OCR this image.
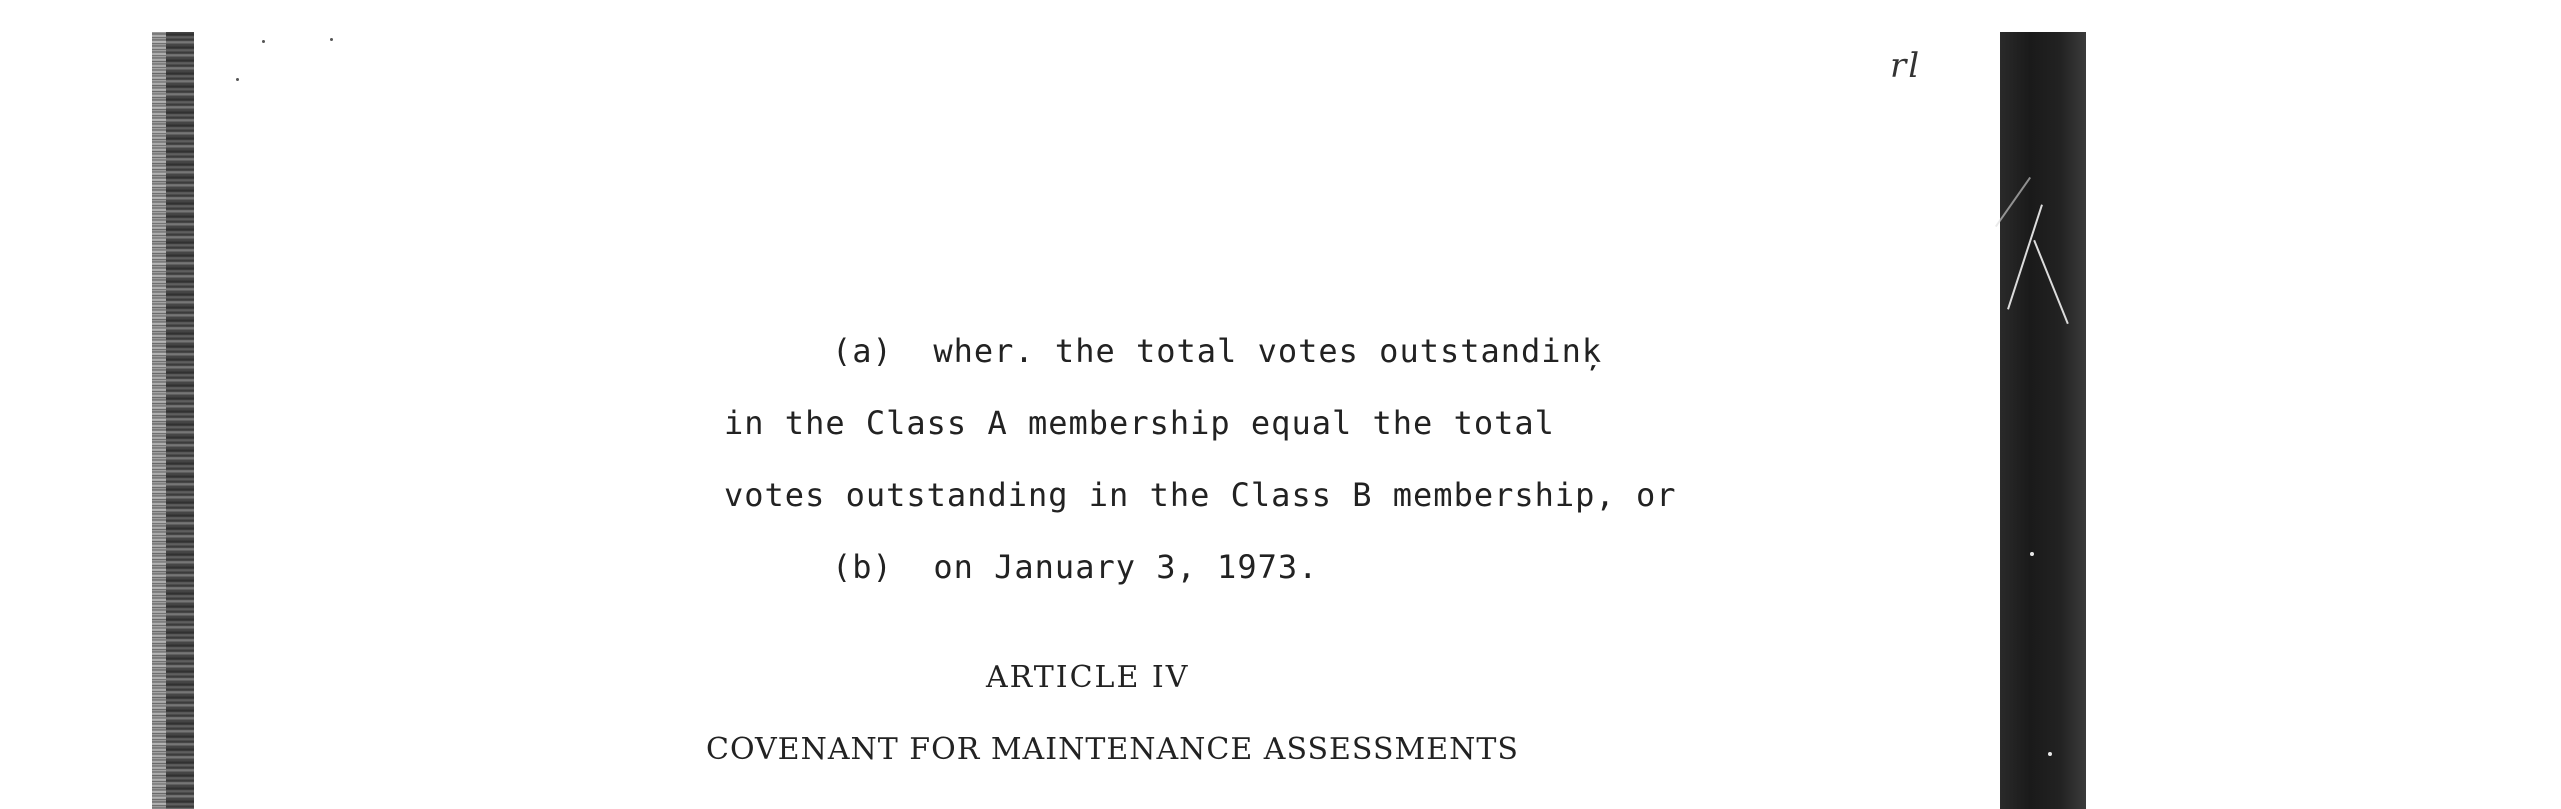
rl
(a)  wher. the total votes outstandinķ
in the Class A membership equal the total
votes outstanding in the Class B membership, or
(b)  on January 3, 1973.
ARTICLE IV
COVENANT FOR MAINTENANCE ASSESSMENTS
